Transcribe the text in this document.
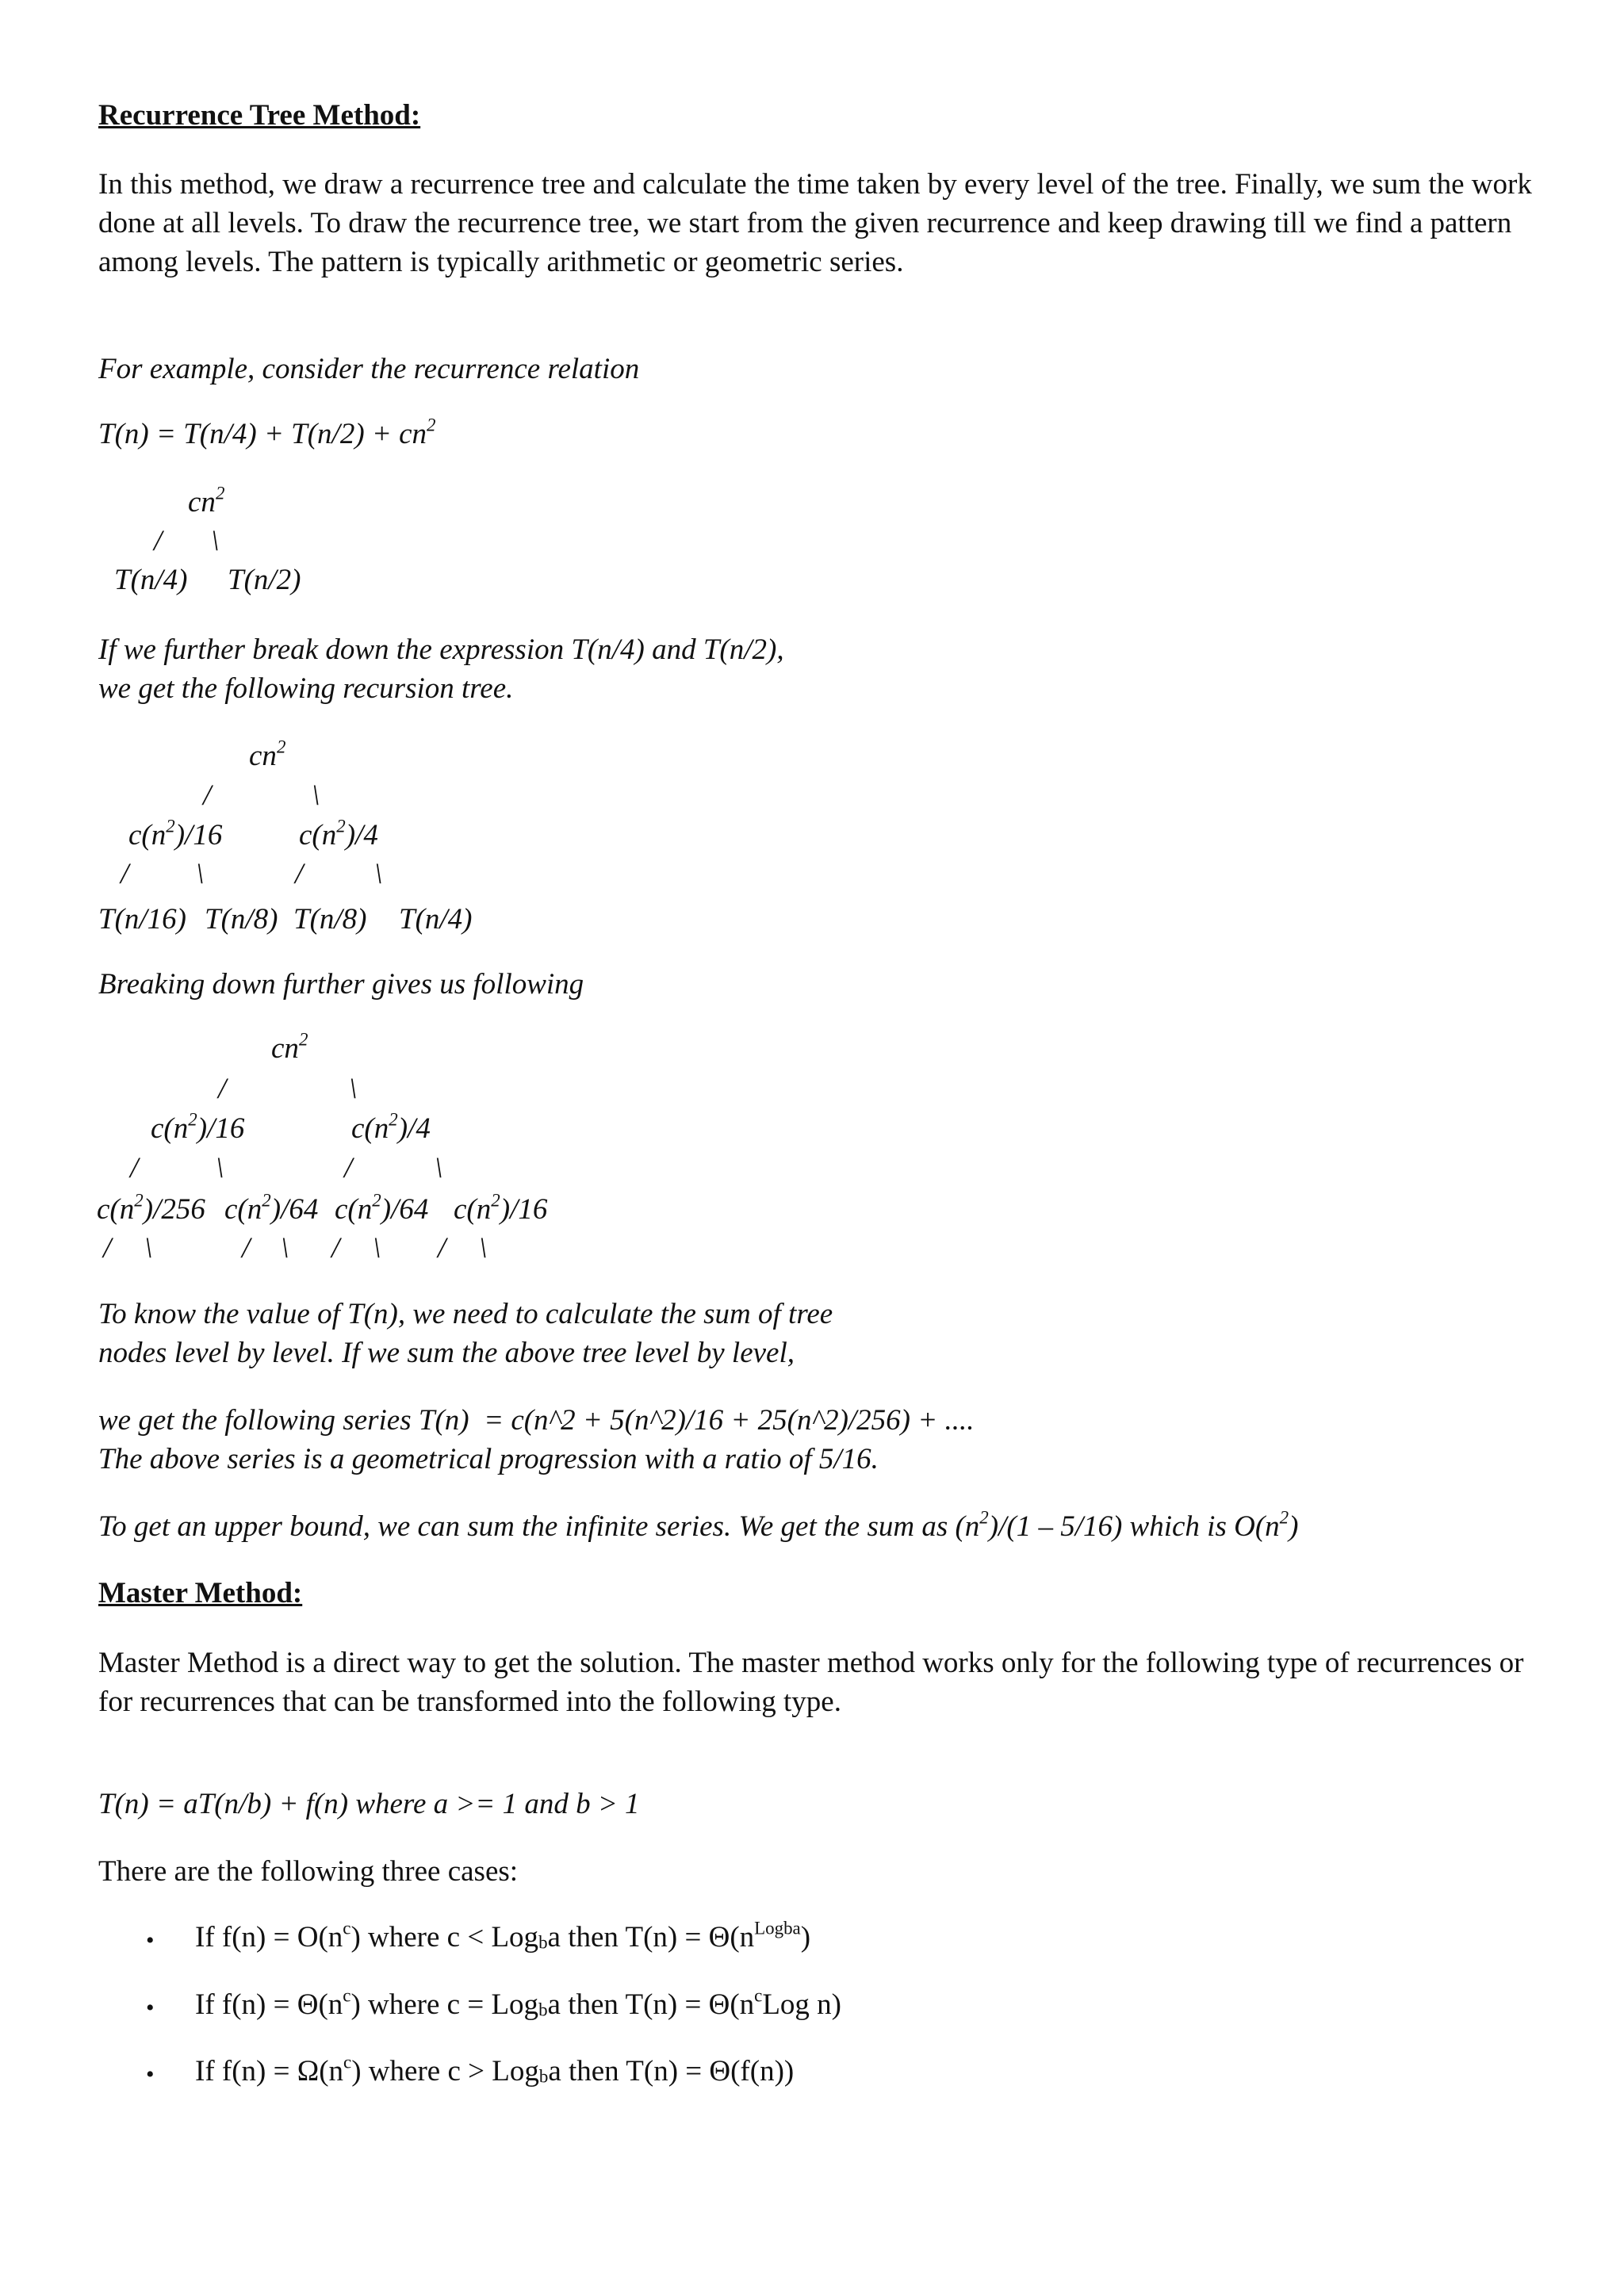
Recurrence Tree Method:
In this method, we draw a recurrence tree and calculate the time taken by every level of the tree. Finally, we sum the work done at all levels. To draw the recurrence tree, we start from the given recurrence and keep drawing till we find a pattern among levels. The pattern is typically arithmetic or geometric series.
For example, consider the recurrence relation
$T(n) = T(n/4) + T(n/2) + cn^2$
$cn^2$
/ \
T(n/4) T(n/2)
If we further break down the expression T(n/4) and T(n/2),
we get the following recursion tree.
$cn^2$
/	\
$c(n^2)/16$	$c(n^2)/4$
/ \	/ \
T(n/16) T(n/8) T(n/8) T(n/4)
Breaking down further gives us following
$cn^2$
/	\
$c(n^2)/16$	$c(n^2)/4$
/	\	/	\
$c(n^2)/256$ $c(n^2)/64$ $c(n^2)/64$ $c(n^2)/16$
/ \	/ \ / \ / \
To know the value of T(n), we need to calculate the sum of tree
nodes level by level. If we sum the above tree level by level,
we get the following series T(n)  = c(n^2 + 5(n^2)/16 + 25(n^2)/256) + ....
The above series is a geometrical progression with a ratio of 5/16.
To get an upper bound, we can sum the infinite series. We get the sum as $(n^2)/(1 - 5/16)$ which is $O(n^2)$
Master Method:
Master Method is a direct way to get the solution. The master method works only for the following type of recurrences or for recurrences that can be transformed into the following type.
T(n) = aT(n/b) + f(n) where a >= 1 and b > 1
There are the following three cases:
• If $f(n) = O(n^c)$ where c < Log$_b$a then $T(n) = \Theta(n^{Logba})$
• If $f(n) = \Theta(n^c)$ where c = Log$_b$a then $T(n) = \Theta(n^cLog$ n)
• If $f(n) = \Omega(n^c)$ where c > Log$_b$a then T(n) = Θ(f(n))
